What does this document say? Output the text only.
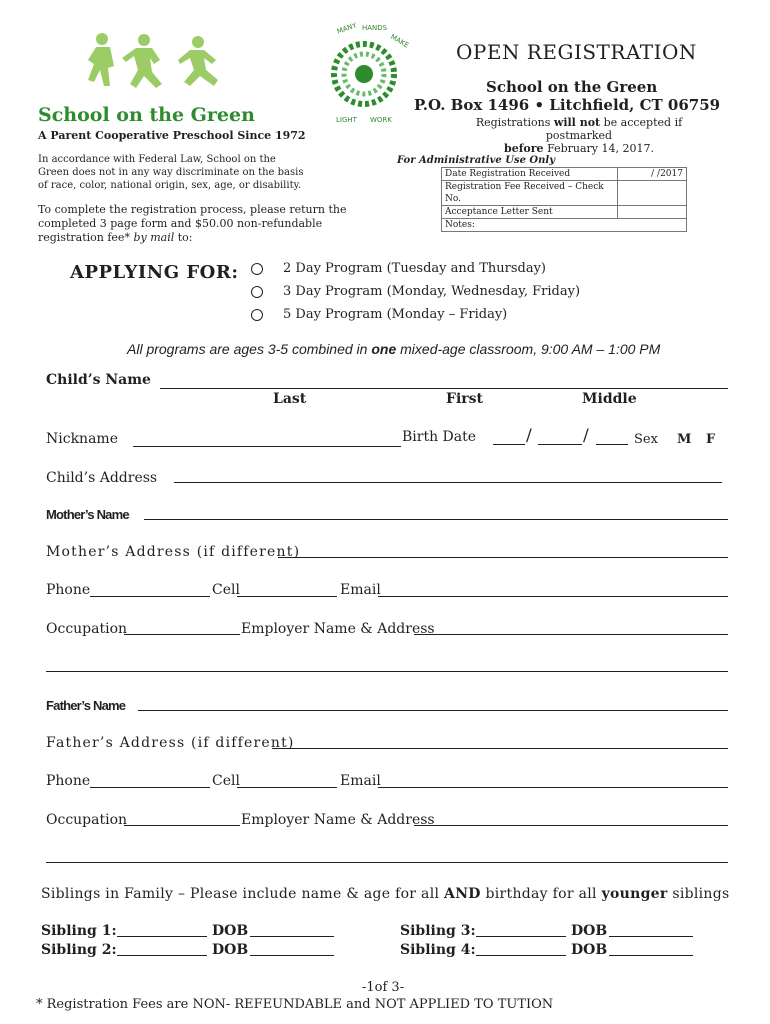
School on the Green
A Parent Cooperative Preschool Since 1972
MANY HANDS
MAKE
LIGHT WORK
OPEN REGISTRATION
School on the Green
P.O. Box 1496 • Litchfield, CT 06759
Registrations will not be accepted if postmarked
before February 14, 2017.
In accordance with Federal Law, School on the Green does not in any way discriminate on the basis of race, color, national origin, sex, age, or disability.
To complete the registration process, please return the completed 3 page form and $50.00 non-refundable registration fee* by mail to:
For Administrative Use Only
Date Registration Received	/ /2017
Registration Fee Received – Check No.	
Acceptance Letter Sent	
Notes:	
APPLYING FOR:	2 Day Program (Tuesday and Thursday)
3 Day Program (Monday, Wednesday, Friday)
5 Day Program (Monday – Friday)
All programs are ages 3-5 combined in one mixed-age classroom, 9:00 AM – 1:00 PM
Child’s Name
Last	First	Middle
Nickname	Birth Date	/	/	Sex M F
Child’s Address
Mother’s Name
Mother’s Address (if different)
Phone	Cell	Email
Occupation	Employer Name & Address
Father’s Name
Father’s Address (if different)
Phone	Cell	Email
Occupation	Employer Name & Address
Siblings in Family – Please include name & age for all AND birthday for all younger siblings
Sibling 1:	DOB
Sibling 2:	DOB
Sibling 3:	DOB
Sibling 4:	DOB
-1of 3-
* Registration Fees are NON- REFEUNDABLE and NOT APPLIED TO TUTION
